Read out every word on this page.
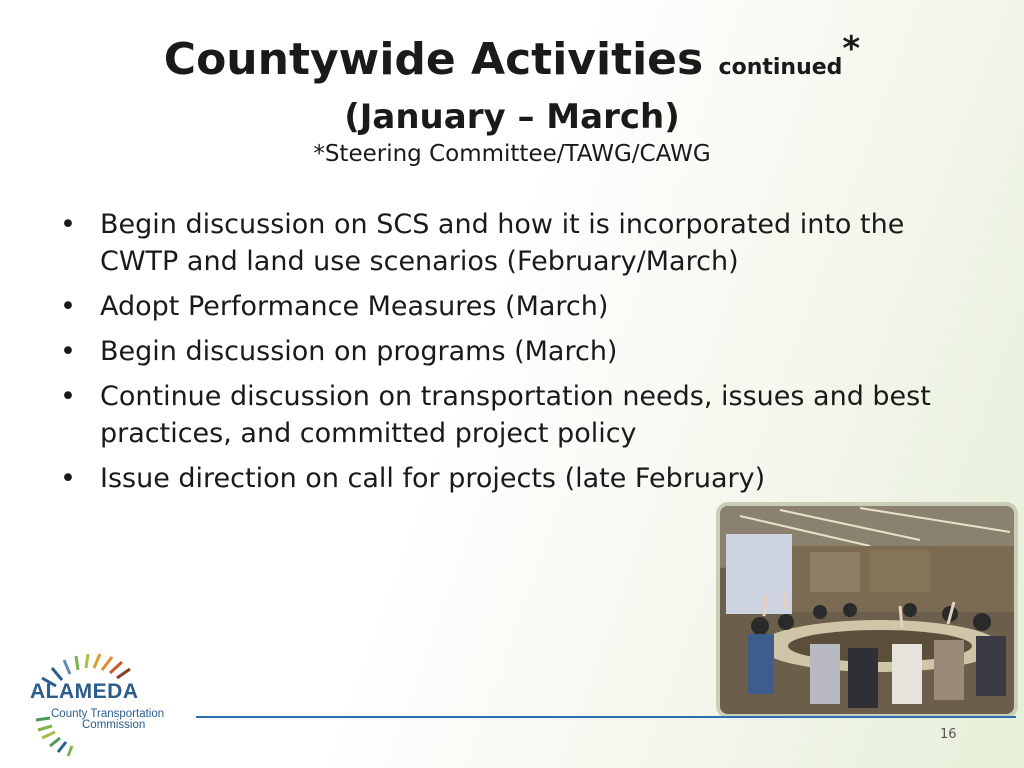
Countywide Activities continued*
(January – March)
*Steering Committee/TAWG/CAWG
• Begin discussion on SCS and how it is incorporated into the CWTP and land use scenarios (February/March)
• Adopt Performance Measures (March)
• Begin discussion on programs (March)
• Continue discussion on transportation needs, issues and best practices, and committed project policy
• Issue direction on call for projects (late February)
ALAMEDA
County Transportation
Commission
16
